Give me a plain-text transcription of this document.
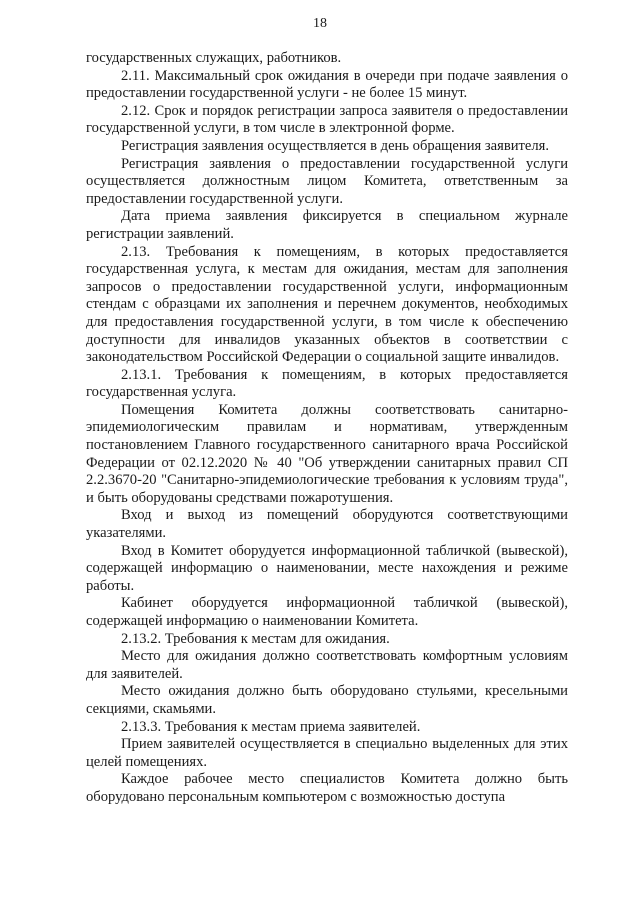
18

государственных служащих, работников.

2.11. Максимальный срок ожидания в очереди при подаче заявления о предоставлении государственной услуги - не более 15 минут.

2.12. Срок и порядок регистрации запроса заявителя о предоставлении государственной услуги, в том числе в электронной форме.

Регистрация заявления осуществляется в день обращения заявителя.

Регистрация заявления о предоставлении государственной услуги осуществляется должностным лицом Комитета, ответственным за предоставлении государственной услуги.

Дата приема заявления фиксируется в специальном журнале регистрации заявлений.

2.13. Требования к помещениям, в которых предоставляется государственная услуга, к местам для ожидания, местам для заполнения запросов о предоставлении государственной услуги, информационным стендам с образцами их заполнения и перечнем документов, необходимых для предоставления государственной услуги, в том числе к обеспечению доступности для инвалидов указанных объектов в соответствии с законодательством Российской Федерации о социальной защите инвалидов.

2.13.1. Требования к помещениям, в которых предоставляется государственная услуга.

Помещения Комитета должны соответствовать санитарно-эпидемиологическим правилам и нормативам, утвержденным постановлением Главного государственного санитарного врача Российской Федерации от 02.12.2020 № 40 "Об утверждении санитарных правил СП 2.2.3670-20 "Санитарно-эпидемиологические требования к условиям труда", и быть оборудованы средствами пожаротушения.

Вход и выход из помещений оборудуются соответствующими указателями.

Вход в Комитет оборудуется информационной табличкой (вывеской), содержащей информацию о наименовании, месте нахождения и режиме работы.

Кабинет оборудуется информационной табличкой (вывеской), содержащей информацию о наименовании Комитета.

2.13.2. Требования к местам для ожидания.

Место для ожидания должно соответствовать комфортным условиям для заявителей.

Место ожидания должно быть оборудовано стульями, кресельными секциями, скамьями.

2.13.3. Требования к местам приема заявителей.

Прием заявителей осуществляется в специально выделенных для этих целей помещениях.

Каждое рабочее место специалистов Комитета должно быть оборудовано персональным компьютером с возможностью доступа
